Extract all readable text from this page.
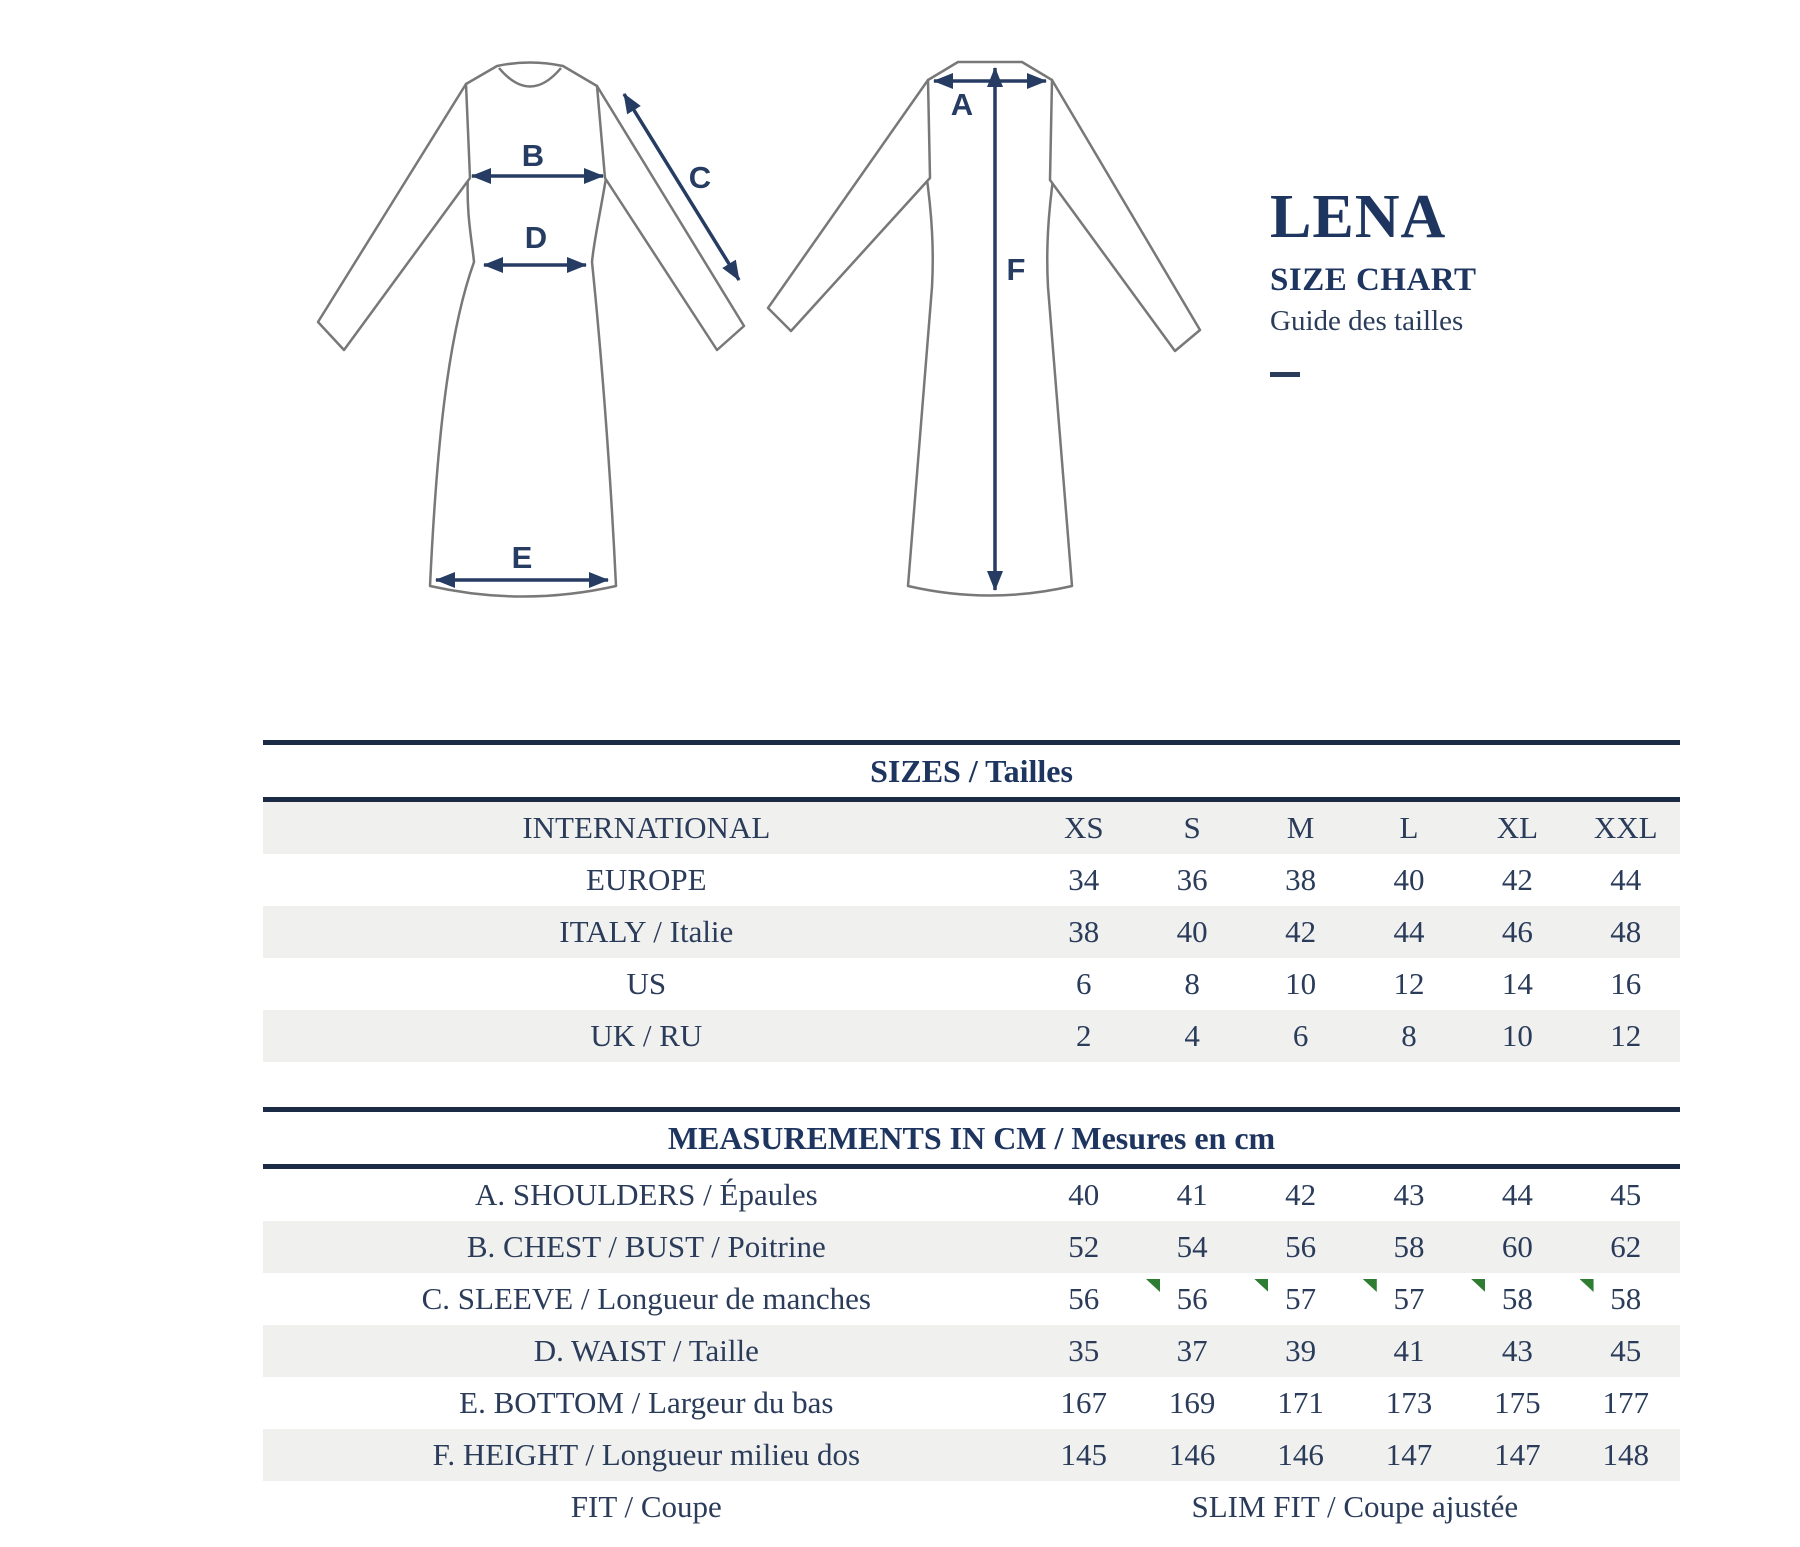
B
D
C
E
A
F
LENA
SIZE CHART
Guide des tailles
SIZES / Tailles
INTERNATIONAL	XS	S	M	L	XL	XXL
EUROPE	34	36	38	40	42	44
ITALY / Italie	38	40	42	44	46	48
US	6	8	10	12	14	16
UK / RU	2	4	6	8	10	12
MEASUREMENTS IN CM / Mesures en cm
A. SHOULDERS / Épaules	40	41	42	43	44	45
B. CHEST / BUST / Poitrine	52	54	56	58	60	62
C. SLEEVE / Longueur de manches	56	56	57	57	58	58
D. WAIST / Taille	35	37	39	41	43	45
E. BOTTOM / Largeur du bas	167	169	171	173	175	177
F. HEIGHT / Longueur milieu dos	145	146	146	147	147	148
FIT / Coupe	SLIM FIT / Coupe ajustée
